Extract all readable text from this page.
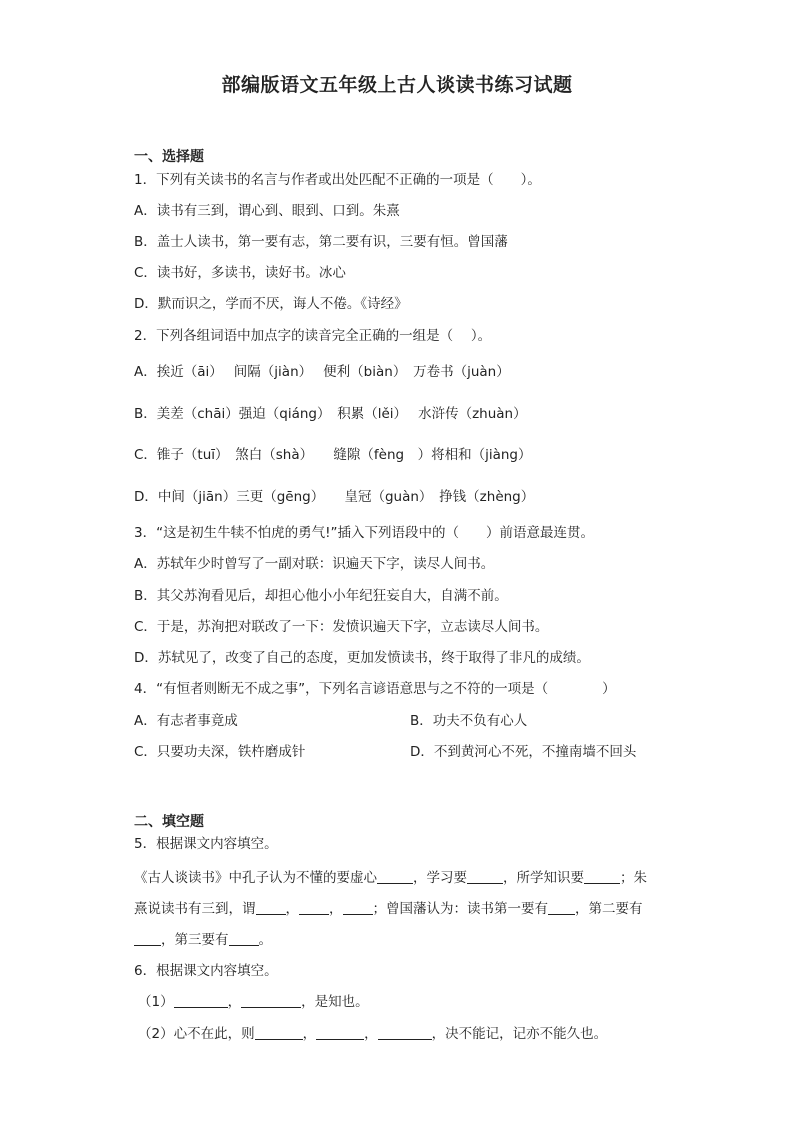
部编版语文五年级上古人谈读书练习试题
一、选择题
1．下列有关读书的名言与作者或出处匹配不正确的一项是（　　）。
A．读书有三到，谓心到、眼到、口到。朱熹
B．盖士人读书，第一要有志，第二要有识，三要有恒。曾国藩
C．读书好，多读书，读好书。冰心
D．默而识之，学而不厌，诲人不倦。《诗经》
2．下列各组词语中加点字的读音完全正确的一组是（　 ）。
A．挨近（āi）　 间隔（jiàn）　 便利（biàn）　万卷书（juàn）
B．美差（chāi）强迫（qiáng）　积累（lěi）　 水浒传（zhuàn）
C．锥子（tuī）　煞白（shà）　　缝隙（fèng　）将相和（jiàng）
D．中间（jiān）三更（gēng）　　皇冠（guàn）　挣钱（zhèng）
3．“这是初生牛犊不怕虎的勇气!”插入下列语段中的（　　）前语意最连贯。
A．苏轼年少时曾写了一副对联：识遍天下字，读尽人间书。
B．其父苏洵看见后，却担心他小小年纪狂妄自大，自满不前。
C．于是，苏洵把对联改了一下：发愤识遍天下字，立志读尽人间书。
D．苏轼见了，改变了自己的态度，更加发愤读书，终于取得了非凡的成绩。
4．“有恒者则断无不成之事”，下列名言谚语意思与之不符的一项是（　　　　）
A．有志者事竟成	B．功夫不负有心人
C．只要功夫深，铁杵磨成针	D．不到黄河心不死，不撞南墙不回头
二、填空题
5．根据课文内容填空。
《古人谈读书》中孔子认为不懂的要虚心	，学习要	，所学知识要	；朱
熹说读书有三到，谓 ， ， ；曾国藩认为：读书第一要有 ，第二要有
，第三要有 。
6．根据课文内容填空。
（1）	，	，是知也。
（2）心不在此，则	，	，	，决不能记，记亦不能久也。
